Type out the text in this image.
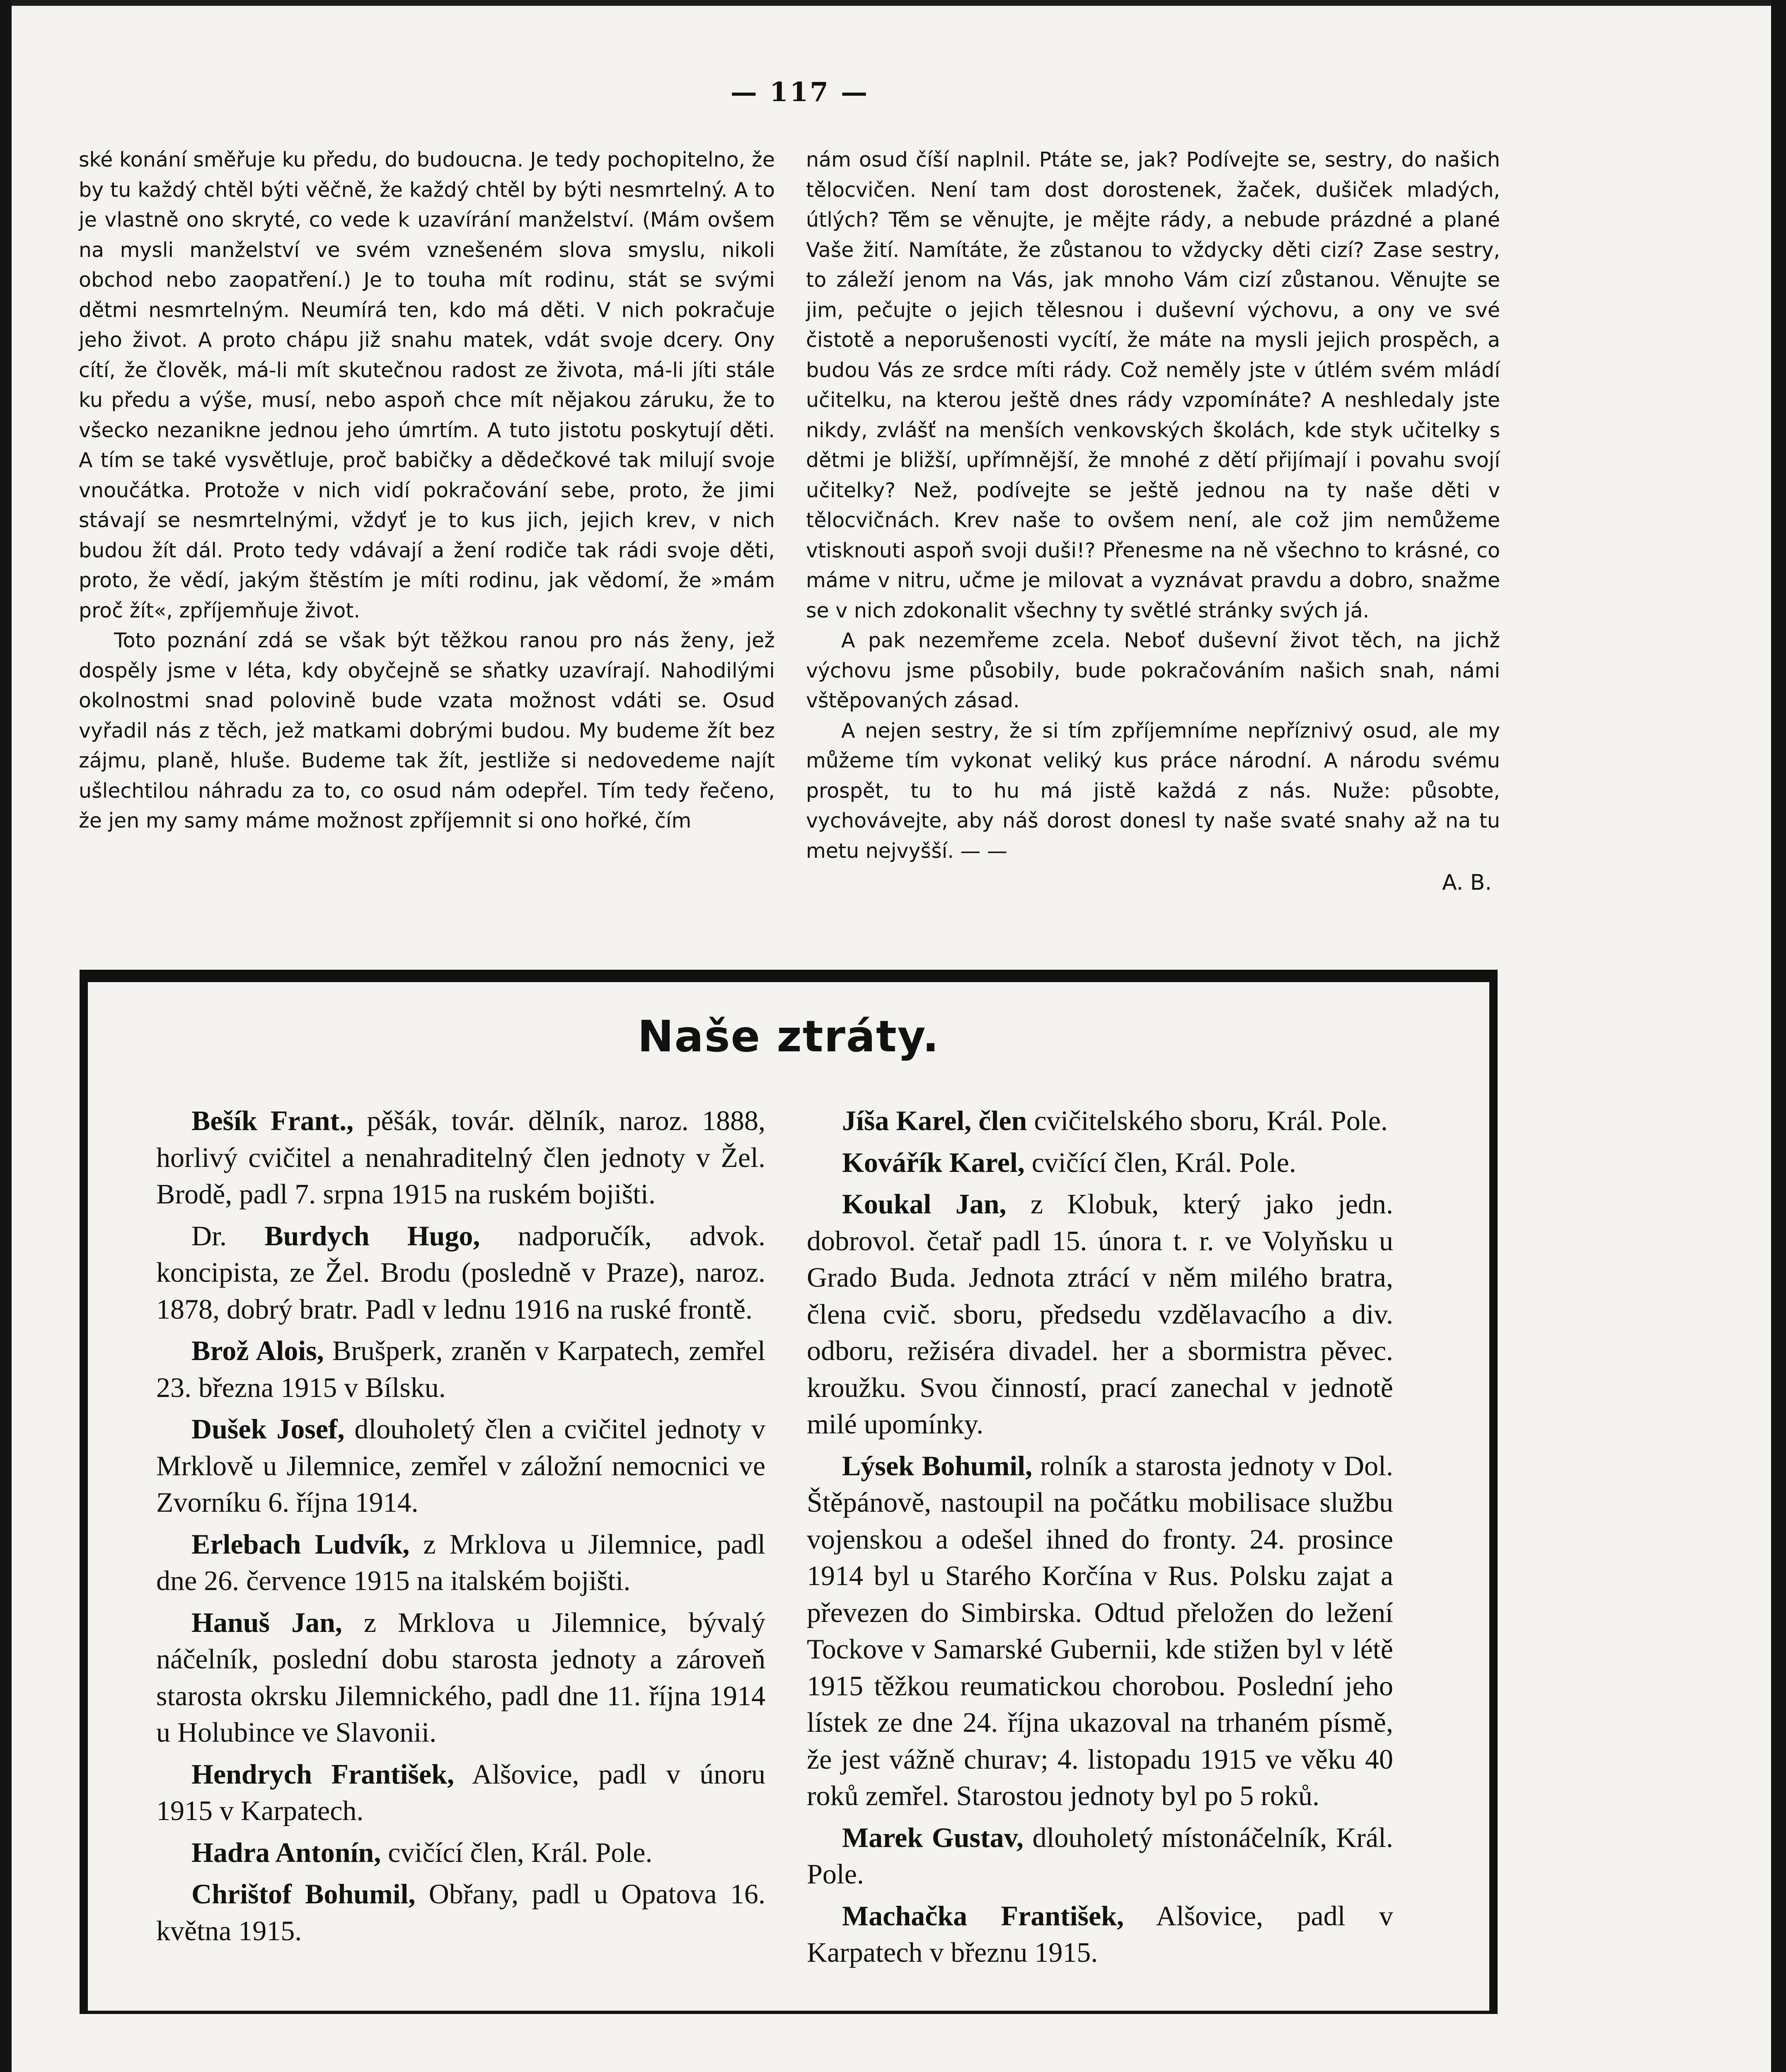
— 117 —

ské konání směřuje ku předu, do budoucna. Je tedy pochopitelno, že by tu každý chtěl býti věčně, že každý chtěl by býti nesmrtelný. A to je vlastně ono skryté, co vede k uzavírání manželství. (Mám ovšem na mysli manželství ve svém vznešeném slova smyslu, nikoli obchod nebo zaopatření.) Je to touha mít rodinu, stát se svými dětmi nesmrtelným. Neumírá ten, kdo má děti. V nich pokračuje jeho život. A proto chápu již snahu matek, vdát svoje dcery. Ony cítí, že člověk, má-li mít skutečnou radost ze života, má-li jíti stále ku předu a výše, musí, nebo aspoň chce mít nějakou záruku, že to všecko nezanikne jednou jeho úmrtím. A tuto jistotu poskytují děti. A tím se také vysvětluje, proč babičky a dědečkové tak milují svoje vnoučátka. Protože v nich vidí pokračování sebe, proto, že jimi stávají se nesmrtelnými, vždyť je to kus jich, jejich krev, v nich budou žít dál. Proto tedy vdávají a žení rodiče tak rádi svoje děti, proto, že vědí, jakým štěstím je míti rodinu, jak vědomí, že »mám proč žít«, zpříjemňuje život.

Toto poznání zdá se však být těžkou ranou pro nás ženy, jež dospěly jsme v léta, kdy obyčejně se sňatky uzavírají. Nahodilými okolnostmi snad polovině bude vzata možnost vdáti se. Osud vyřadil nás z těch, jež matkami dobrými budou. My budeme žít bez zájmu, planě, hluše. Budeme tak žít, jestliže si nedovedeme najít ušlechtilou náhradu za to, co osud nám odepřel. Tím tedy řečeno, že jen my samy máme možnost zpříjemnit si ono hořké, čím

nám osud číší naplnil. Ptáte se, jak? Podívejte se, sestry, do našich tělocvičen. Není tam dost dorostenek, žaček, dušiček mladých, útlých? Těm se věnujte, je mějte rády, a nebude prázdné a plané Vaše žití. Namítáte, že zůstanou to vždycky děti cizí? Zase sestry, to záleží jenom na Vás, jak mnoho Vám cizí zůstanou. Věnujte se jim, pečujte o jejich tělesnou i duševní výchovu, a ony ve své čistotě a neporušenosti vycítí, že máte na mysli jejich prospěch, a budou Vás ze srdce míti rády. Což neměly jste v útlém svém mládí učitelku, na kterou ještě dnes rády vzpomínáte? A neshledaly jste nikdy, zvlášť na menších venkovských školách, kde styk učitelky s dětmi je bližší, upřímnější, že mnohé z dětí přijímají i povahu svojí učitelky? Než, podívejte se ještě jednou na ty naše děti v tělocvičnách. Krev naše to ovšem není, ale což jim nemůžeme vtisknouti aspoň svoji duši!? Přenesme na ně všechno to krásné, co máme v nitru, učme je milovat a vyznávat pravdu a dobro, snažme se v nich zdokonalit všechny ty světlé stránky svých já.

A pak nezemřeme zcela. Neboť duševní život těch, na jichž výchovu jsme působily, bude pokračováním našich snah, námi vštěpovaných zásad.

A nejen sestry, že si tím zpříjemníme nepříznivý osud, ale my můžeme tím vykonat veliký kus práce národní. A národu svému prospět, tu to hu má jistě každá z nás. Nuže: působte, vychovávejte, aby náš dorost donesl ty naše svaté snahy až na tu metu nejvyšší. — —

A. B.
Naše ztráty.

Bešík Frant., pěšák, továr. dělník, naroz. 1888, horlivý cvičitel a nenahraditelný člen jednoty v Žel. Brodě, padl 7. srpna 1915 na ruském bojišti.

Dr. Burdych Hugo, nadporučík, advok. koncipista, ze Žel. Brodu (posledně v Praze), naroz. 1878, dobrý bratr. Padl v lednu 1916 na ruské frontě.

Brož Alois, Brušperk, zraněn v Karpatech, zemřel 23. března 1915 v Bílsku.

Dušek Josef, dlouholetý člen a cvičitel jednoty v Mrklově u Jilemnice, zemřel v záložní nemocnici ve Zvorníku 6. října 1914.

Erlebach Ludvík, z Mrklova u Jilemnice, padl dne 26. července 1915 na italském bojišti.

Hanuš Jan, z Mrklova u Jilemnice, bývalý náčelník, poslední dobu starosta jednoty a zároveň starosta okrsku Jilemnického, padl dne 11. října 1914 u Holubince ve Slavonii.

Hendrych František, Alšovice, padl v únoru 1915 v Karpatech.

Hadra Antonín, cvičící člen, Král. Pole.

Chrištof Bohumil, Obřany, padl u Opatova 16. května 1915.

Jíša Karel, člen cvičitelského sboru, Král. Pole.

Kovářík Karel, cvičící člen, Král. Pole.

Koukal Jan, z Klobuk, který jako jedn. dobrovol. četař padl 15. února t. r. ve Volyňsku u Grado Buda. Jednota ztrácí v něm milého bratra, člena cvič. sboru, předsedu vzdělavacího a div. odboru, režiséra divadel. her a sbormistra pěvec. kroužku. Svou činností, prací zanechal v jednotě milé upomínky.

Lýsek Bohumil, rolník a starosta jednoty v Dol. Štěpánově, nastoupil na počátku mobilisace službu vojenskou a odešel ihned do fronty. 24. prosince 1914 byl u Starého Korčína v Rus. Polsku zajat a převezen do Simbirska. Odtud přeložen do ležení Tockove v Samarské Gubernii, kde stižen byl v létě 1915 těžkou reumatickou chorobou. Poslední jeho lístek ze dne 24. října ukazoval na trhaném písmě, že jest vážně churav; 4. listopadu 1915 ve věku 40 roků zemřel. Starostou jednoty byl po 5 roků.

Marek Gustav, dlouholetý místonáčelník, Král. Pole.

Machačka František, Alšovice, padl v Karpatech v březnu 1915.
